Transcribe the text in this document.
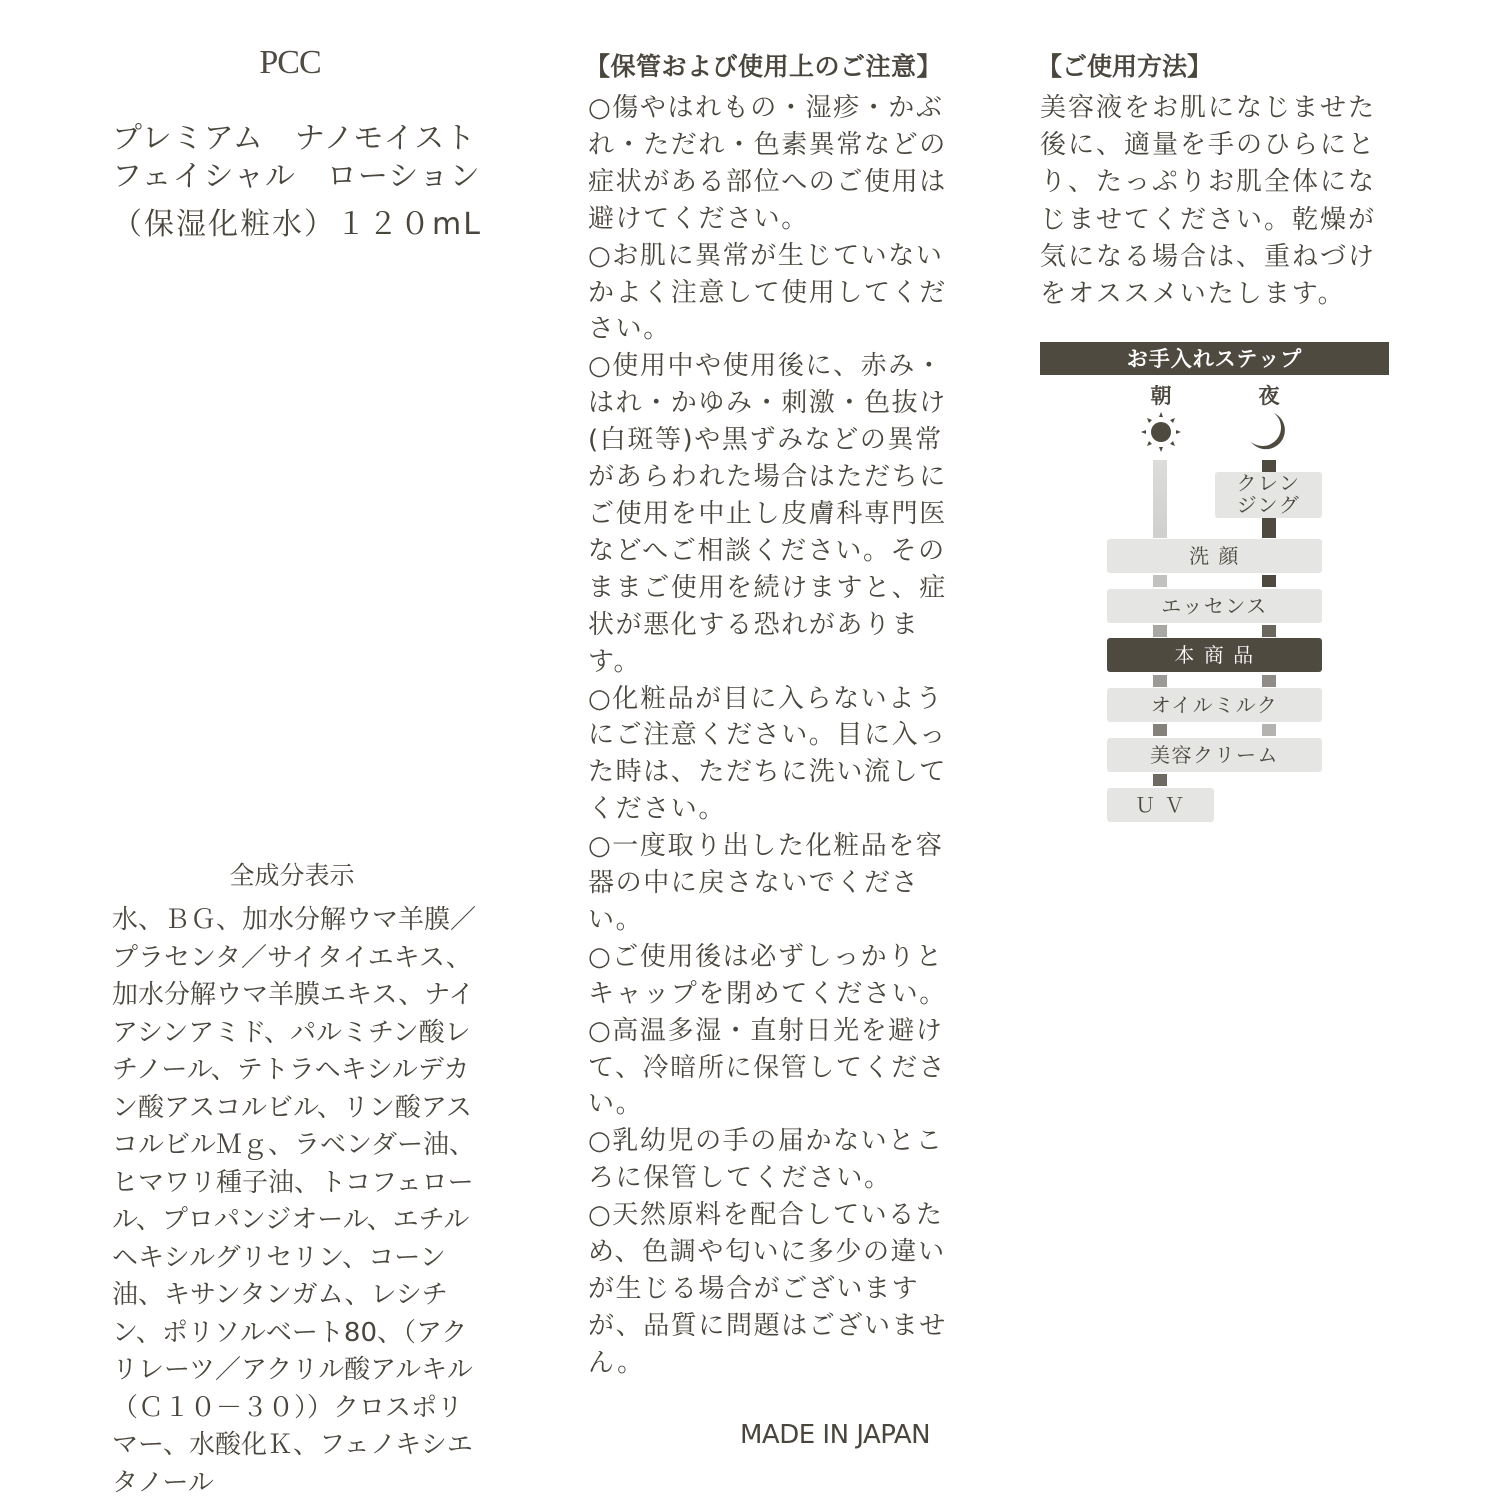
PCC
プレミアム　ナノモイスト
フェイシャル　ローション
（保湿化粧水）１２０mL
全成分表示
水、ＢＧ、加水分解ウマ羊膜／プラセンタ／サイタイエキス、加水分解ウマ羊膜エキス、ナイアシンアミド、パルミチン酸レチノール、テトラヘキシルデカン酸アスコルビル、リン酸アスコルビルＭｇ、ラベンダー油、ヒマワリ種子油、トコフェロール、プロパンジオール、エチルヘキシルグリセリン、コーン油、キサンタンガム、レシチン、ポリソルベート80、（アクリレーツ／アクリル酸アルキル（Ｃ１０－３０））クロスポリマー、水酸化Ｋ、フェノキシエタノール
【保管および使用上のご注意】

○傷やはれもの・湿疹・かぶれ・ただれ・色素異常などの症状がある部位へのご使用は避けてください。

○お肌に異常が生じていないかよく注意して使用してください。

○使用中や使用後に、赤み・はれ・かゆみ・刺激・色抜け(白斑等)や黒ずみなどの異常があらわれた場合はただちにご使用を中止し皮膚科専門医などへご相談ください。そのままご使用を続けますと、症状が悪化する恐れがあります。

○化粧品が目に入らないようにご注意ください。目に入った時は、ただちに洗い流してください。

○一度取り出した化粧品を容器の中に戻さないでください。

○ご使用後は必ずしっかりとキャップを閉めてください。

○高温多湿・直射日光を避けて、冷暗所に保管してください。

○乳幼児の手の届かないところに保管してください。

○天然原料を配合しているため、色調や匂いに多少の違いが生じる場合がございますが、品質に問題はございません。

MADE IN JAPAN
【ご使用方法】
美容液をお肌になじませた後に、適量を手のひらにとり、たっぷりお肌全体になじませてください。乾燥が気になる場合は、重ねづけをオススメいたします。
お手入れステップ
朝	夜
クレン
ジング
洗 顔
エッセンス
本 商 品
オイルミルク
美容クリーム
Ｕ Ｖ
